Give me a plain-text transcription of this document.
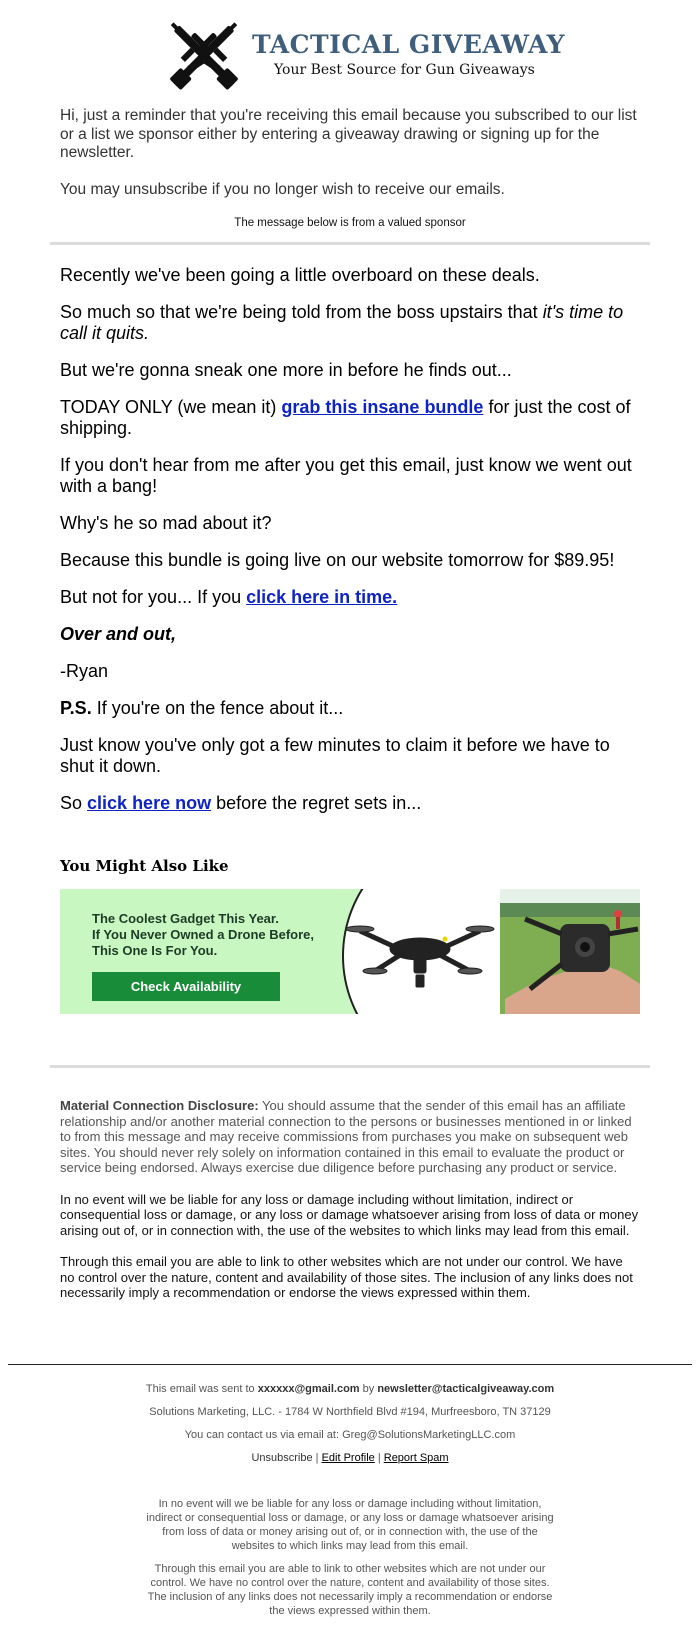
TACTICAL GIVEAWAY
Your Best Source for Gun Giveaways

Hi, just a reminder that you're receiving this email because you subscribed to our list or a list we sponsor either by entering a giveaway drawing or signing up for the newsletter.

You may unsubscribe if you no longer wish to receive our emails.

The message below is from a valued sponsor

Recently we've been going a little overboard on these deals.

So much so that we're being told from the boss upstairs that it's time to call it quits.

But we're gonna sneak one more in before he finds out...

TODAY ONLY (we mean it) grab this insane bundle for just the cost of shipping.

If you don't hear from me after you get this email, just know we went out with a bang!

Why's he so mad about it?

Because this bundle is going live on our website tomorrow for $89.95!

But not for you... If you click here in time.

Over and out,

-Ryan

P.S. If you're on the fence about it...

Just know you've only got a few minutes to claim it before we have to shut it down.

So click here now before the regret sets in...

You Might Also Like
The Coolest Gadget This Year.
If You Never Owned a Drone Before,
This One Is For You.
Check Availability

Material Connection Disclosure: You should assume that the sender of this email has an affiliate relationship and/or another material connection to the persons or businesses mentioned in or linked to from this message and may receive commissions from purchases you make on subsequent web sites. You should never rely solely on information contained in this email to evaluate the product or service being endorsed. Always exercise due diligence before purchasing any product or service.

In no event will we be liable for any loss or damage including without limitation, indirect or consequential loss or damage, or any loss or damage whatsoever arising from loss of data or money arising out of, or in connection with, the use of the websites to which links may lead from this email.

Through this email you are able to link to other websites which are not under our control. We have no control over the nature, content and availability of those sites. The inclusion of any links does not necessarily imply a recommendation or endorse the views expressed within them.

This email was sent to xxxxxx@gmail.com by newsletter@tacticalgiveaway.com
Solutions Marketing, LLC. - 1784 W Northfield Blvd #194, Murfreesboro, TN 37129
You can contact us via email at: Greg@SolutionsMarketingLLC.com
Unsubscribe | Edit Profile | Report Spam

In no event will we be liable for any loss or damage including without limitation, indirect or consequential loss or damage, or any loss or damage whatsoever arising from loss of data or money arising out of, or in connection with, the use of the websites to which links may lead from this email.

Through this email you are able to link to other websites which are not under our control. We have no control over the nature, content and availability of those sites. The inclusion of any links does not necessarily imply a recommendation or endorse the views expressed within them.
